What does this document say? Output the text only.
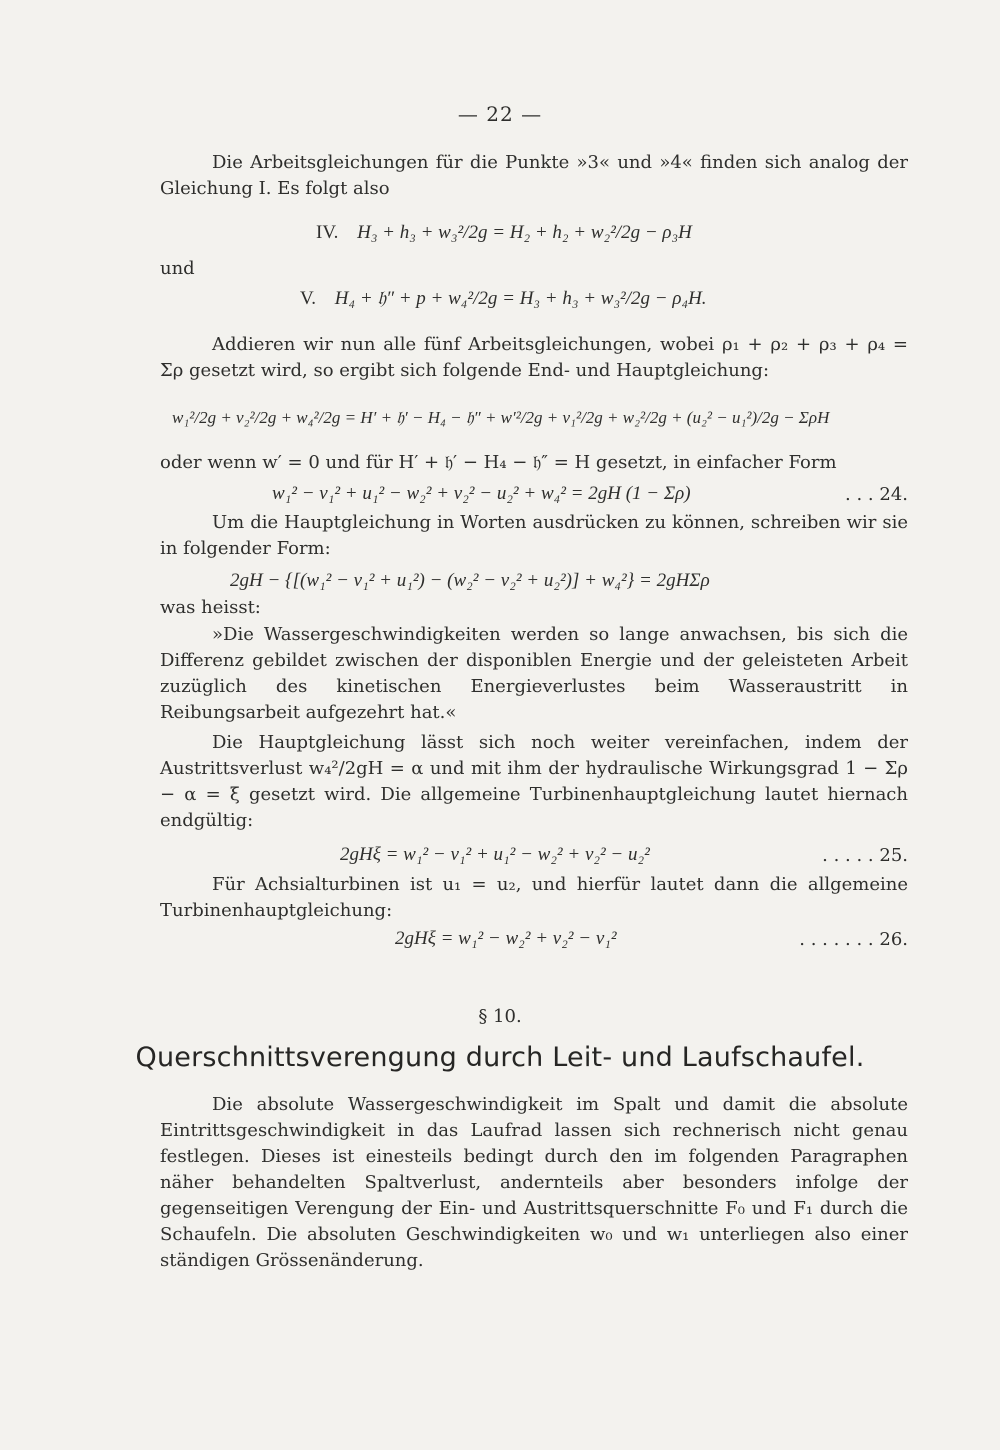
— 22 —

Die Arbeitsgleichungen für die Punkte »3« und »4« finden sich analog der Gleichung I. Es folgt also

IV. H₃ + h₃ + w₃²/2g = H₂ + h₂ + w₂²/2g − ρ₃H
und
V. H₄ + 𝔥″ + p + w₄²/2g = H₃ + h₃ + w₃²/2g − ρ₄H.

Addieren wir nun alle fünf Arbeitsgleichungen, wobei ρ₁ + ρ₂ + ρ₃ + ρ₄ = Σρ gesetzt wird, so ergibt sich folgende End- und Hauptgleichung:

w₁²/2g + v₂²/2g + w₄²/2g = H′ + 𝔥′ − H₄ − 𝔥″ + w′²/2g + v₁²/2g + w₂²/2g + (u₂² − u₁²)/2g − ΣρH

oder wenn w′ = 0 und für H′ + 𝔥′ − H₄ − 𝔥″ = H gesetzt, in einfacher Form

w₁² − v₁² + u₁² − w₂² + v₂² − u₂² + w₄² = 2gH (1 − Σρ)	. . . 24.

Um die Hauptgleichung in Worten ausdrücken zu können, schreiben wir sie in folgender Form:

2gH − {[(w₁² − v₁² + u₁²) − (w₂² − v₂² + u₂²)] + w₄²} = 2gHΣρ

was heisst:

»Die Wassergeschwindigkeiten werden so lange anwachsen, bis sich die Differenz gebildet zwischen der disponiblen Energie und der geleisteten Arbeit zuzüglich des kinetischen Energieverlustes beim Wasseraustritt in Reibungsarbeit aufgezehrt hat.«

Die Hauptgleichung lässt sich noch weiter vereinfachen, indem der Austrittsverlust w₄²/2gH = α und mit ihm der hydraulische Wirkungsgrad 1 − Σρ − α = ξ gesetzt wird. Die allgemeine Turbinenhauptgleichung lautet hiernach endgültig:

2gHξ = w₁² − v₁² + u₁² − w₂² + v₂² − u₂²	. . . . . 25.

Für Achsialturbinen ist u₁ = u₂, und hierfür lautet dann die allgemeine Turbinenhauptgleichung:

2gHξ = w₁² − w₂² + v₂² − v₁²	. . . . . . . 26.
§ 10.
Querschnittsverengung durch Leit- und Laufschaufel.

Die absolute Wassergeschwindigkeit im Spalt und damit die absolute Eintrittsgeschwindigkeit in das Laufrad lassen sich rechnerisch nicht genau festlegen. Dieses ist einesteils bedingt durch den im folgenden Paragraphen näher behandelten Spaltverlust, andernteils aber besonders infolge der gegenseitigen Verengung der Ein- und Austrittsquerschnitte F₀ und F₁ durch die Schaufeln. Die absoluten Geschwindigkeiten w₀ und w₁ unterliegen also einer ständigen Grössenänderung.
